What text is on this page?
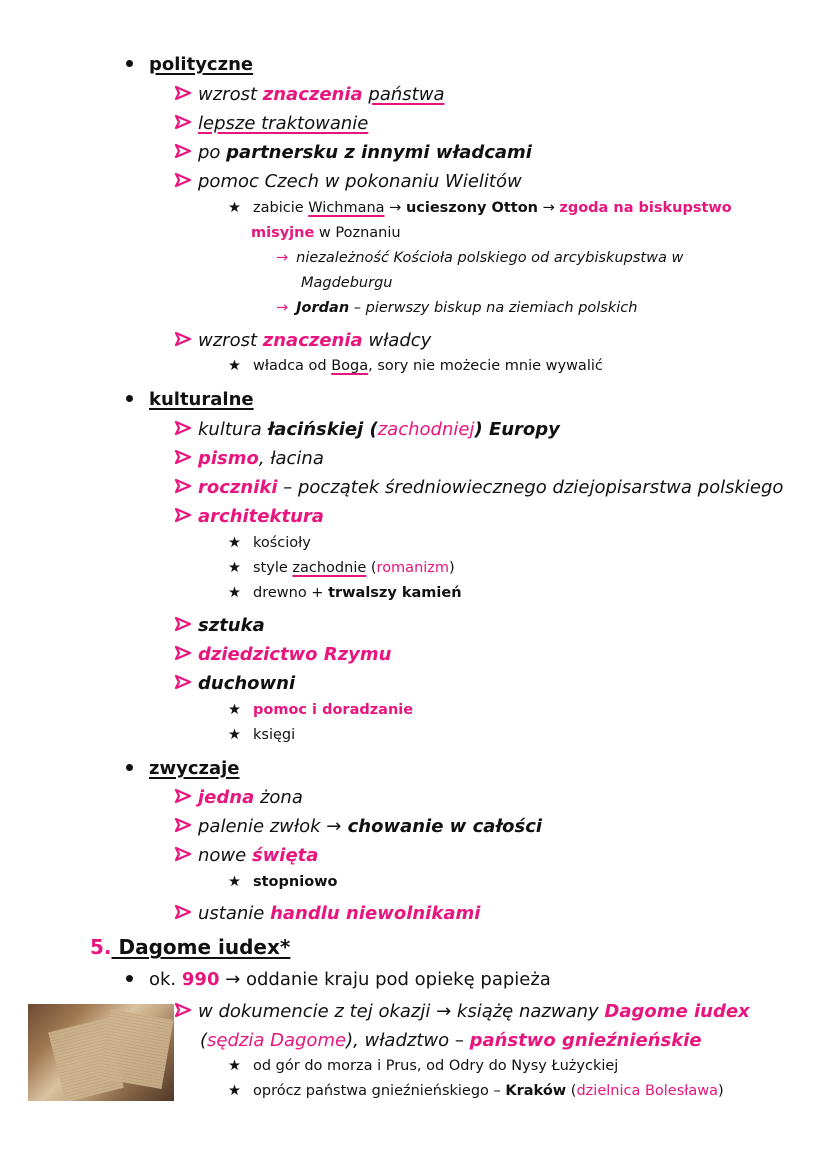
polityczne
wzrost znaczenia państwa
lepsze traktowanie
po partnersku z innymi władcami
pomoc Czech w pokonaniu Wielitów
★ zabicie Wichmana → ucieszony Otton → zgoda na biskupstwo
misyjne w Poznaniu
→ niezależność Kościoła polskiego od arcybiskupstwa w
Magdeburgu
→ Jordan – pierwszy biskup na ziemiach polskich
wzrost znaczenia władcy
★ władca od Boga, sory nie możecie mnie wywalić
kulturalne
kultura łacińskiej (zachodniej) Europy
pismo, łacina
roczniki – początek średniowiecznego dziejopisarstwa polskiego
architektura
★ kościoły
★ style zachodnie (romanizm)
★ drewno + trwalszy kamień
sztuka
dziedzictwo Rzymu
duchowni
★ pomoc i doradzanie
★ księgi
zwyczaje
jedna żona
palenie zwłok → chowanie w całości
nowe święta
★ stopniowo
ustanie handlu niewolnikami
5. Dagome iudex*
ok. 990 → oddanie kraju pod opiekę papieża
w dokumencie z tej okazji → książę nazwany Dagome iudex
(sędzia Dagome), władztwo – państwo gnieźnieńskie
★ od gór do morza i Prus, od Odry do Nysy Łużyckiej
★ oprócz państwa gnieźnieńskiego – Kraków (dzielnica Bolesława)
